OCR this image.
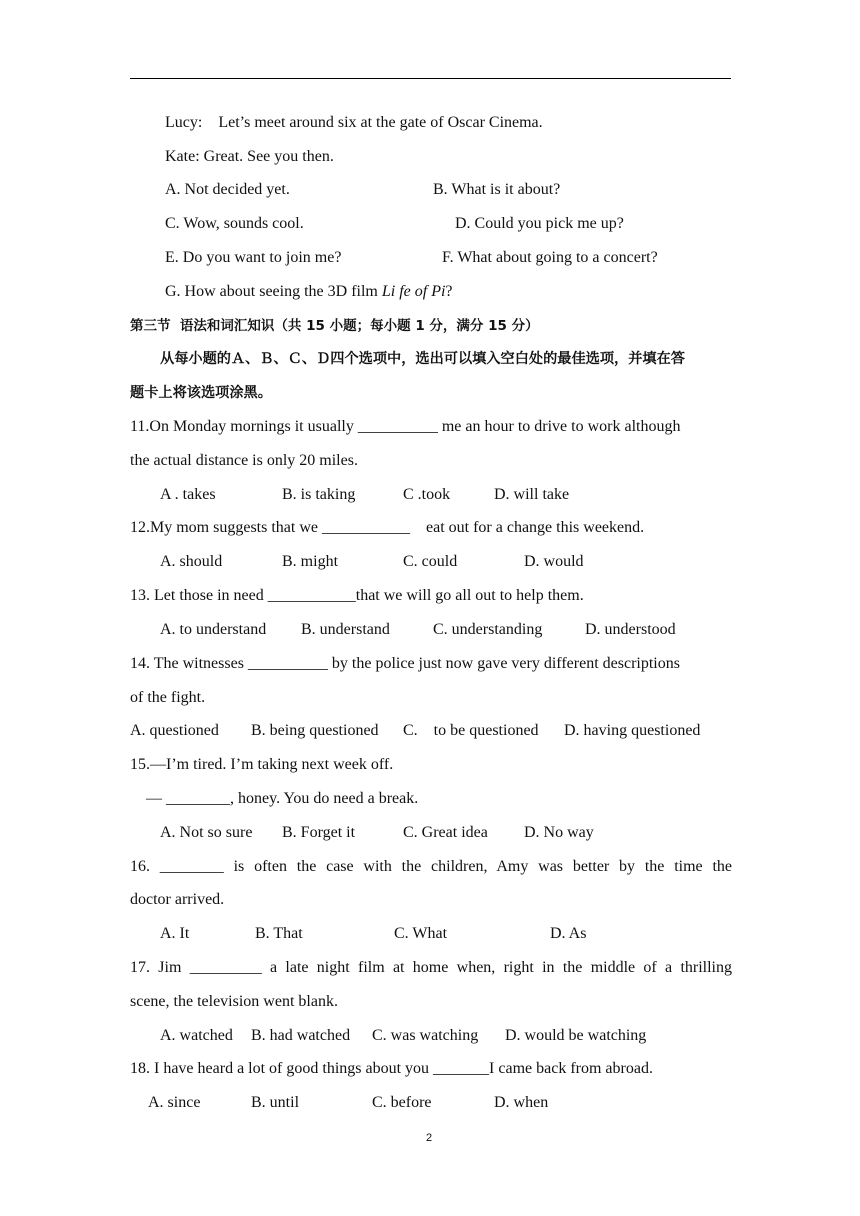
Lucy:    Let’s meet around six at the gate of Oscar Cinema.
Kate: Great. See you then.
A. Not decided yet.	B. What is it about?
C. Wow, sounds cool.	D. Could you pick me up?
E. Do you want to join me?	F. What about going to a concert?
G. How about seeing the 3D film Li fe of Pi?
第三节  语法和词汇知识（共 15 小题；每小题 1 分，满分 15 分）
从每小题的Ａ、Ｂ、Ｃ、Ｄ四个选项中，选出可以填入空白处的最佳选项，并填在答
题卡上将该选项涂黑。
11.On Monday mornings it usually __________ me an hour to drive to work although
the actual distance is only 20 miles.
A . takes	B. is taking	C .took	D. will take
12.My mom suggests that we ___________    eat out for a change this weekend.
A. should	B. might	C. could	D. would
13. Let those in need ___________that we will go all out to help them.
A. to understand B. understand	C. understanding	D. understood
14. The witnesses __________ by the police just now gave very different descriptions
of the fight.
A. questioned B. being questioned C.    to be questioned D. having questioned
15.—I’m tired. I’m taking next week off.
— ________, honey. You do need a break.
A. Not so sure B. Forget it	C. Great idea D. No way
16. ________ is often the case with the children, Amy was better by the time the
doctor arrived.
A. It	B. That	C. What	D. As
17. Jim _________ a late night film at home when, right in the middle of a thrilling
scene, the television went blank.
A. watched B. had watched C. was watching D. would be watching
18. I have heard a lot of good things about you _______I came back from abroad.
A. since	B. until	C. before	D. when
2
